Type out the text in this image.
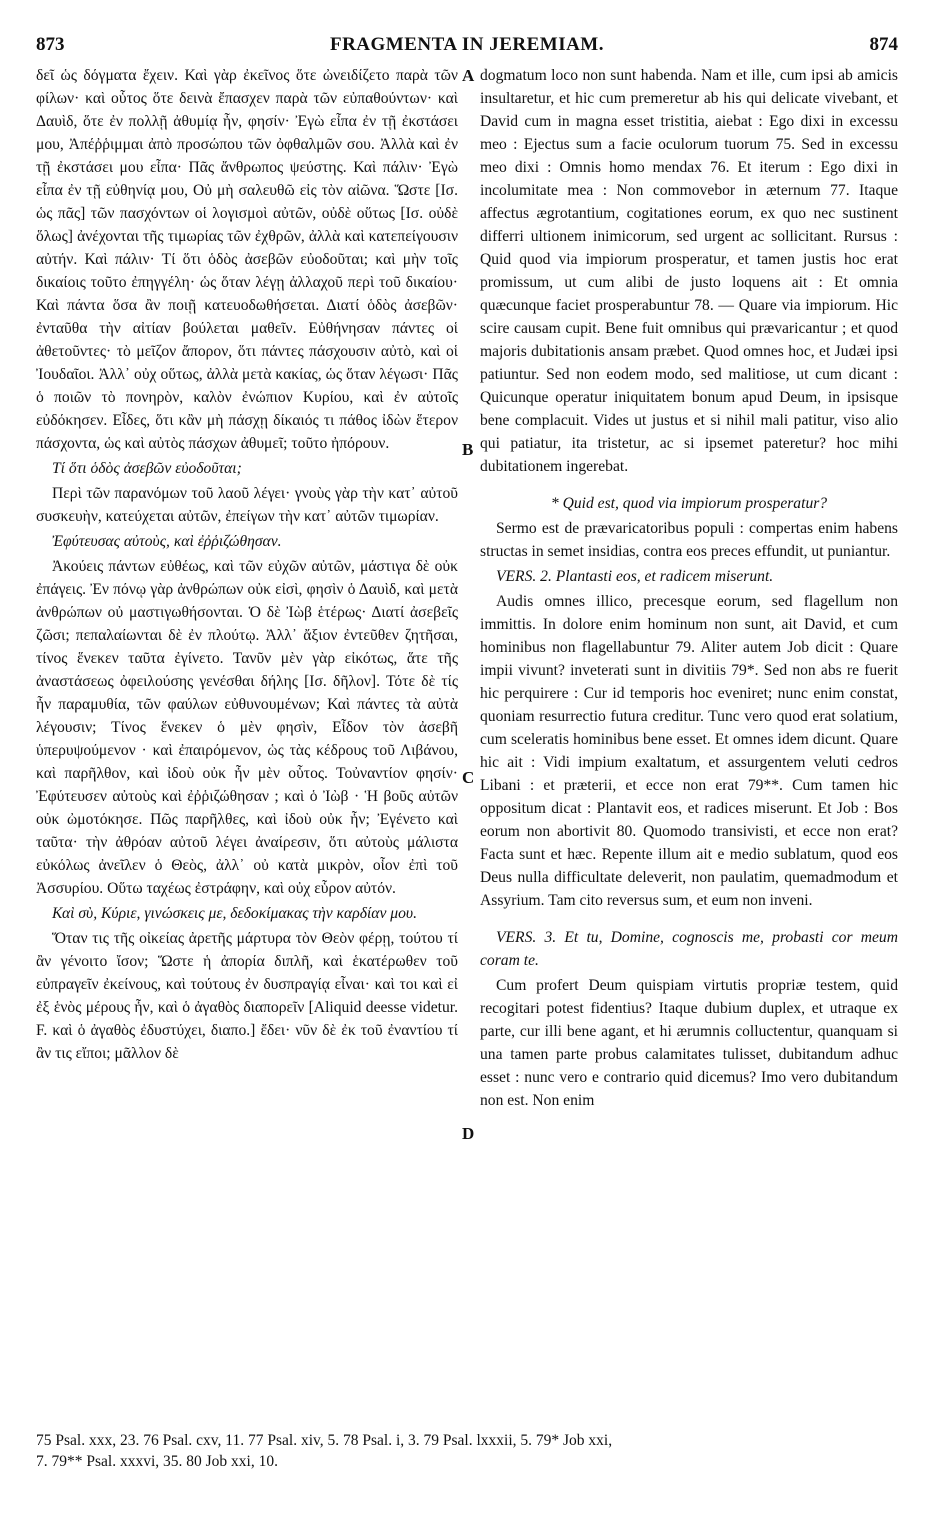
873	FRAGMENTA IN JEREMIAM.	874

δεῖ ὡς δόγματα ἔχειν. Καὶ γὰρ ἐκεῖνος ὅτε ὠνειδίζετο παρὰ τῶν φίλων· καὶ οὗτος ὅτε δεινὰ ἔπασχεν παρὰ τῶν εὐπαθούντων· καὶ Δαυὶδ, ὅτε ἐν πολλῇ ἀθυμίᾳ ἦν, φησίν· Ἐγὼ εἶπα ἐν τῇ ἐκστάσει μου, Ἀπέῤῥιμμαι ἀπὸ προσώπου τῶν ὀφθαλμῶν σου. Ἀλλὰ καὶ ἐν τῇ ἐκστάσει μου εἶπα· Πᾶς ἄνθρωπος ψεύστης. Καὶ πάλιν· Ἐγὼ εἶπα ἐν τῇ εὐθηνίᾳ μου, Οὐ μὴ σαλευθῶ εἰς τὸν αἰῶνα. Ὥστε [Ισ. ὡς πᾶς] τῶν πασχόντων οἱ λογισμοὶ αὐτῶν, οὐδὲ οὕτως [Ισ. οὐδὲ ὅλως] ἀνέχονται τῆς τιμωρίας τῶν ἐχθρῶν, ἀλλὰ καὶ κατεπείγουσιν αὐτήν. Καὶ πάλιν· Τί ὅτι ὁδὸς ἀσεβῶν εὐοδοῦται; καὶ μὴν τοῖς δικαίοις τοῦτο ἐπηγγέλη· ὡς ὅταν λέγῃ ἀλλαχοῦ περὶ τοῦ δικαίου· Καὶ πάντα ὅσα ἂν ποιῇ κατευοδωθήσεται. Διατί ὁδὸς ἀσεβῶν· ἐνταῦθα τὴν αἰτίαν βούλεται μαθεῖν. Εὐθήνησαν πάντες οἱ ἀθετοῦντες· τὸ μεῖζον ἄπορον, ὅτι πάντες πάσχουσιν αὐτὸ, καὶ οἱ Ἰουδαῖοι. Ἀλλ᾽ οὐχ οὕτως, ἀλλὰ μετὰ κακίας, ὡς ὅταν λέγωσι· Πᾶς ὁ ποιῶν τὸ πονηρὸν, καλὸν ἐνώπιον Κυρίου, καὶ ἐν αὐτοῖς εὐδόκησεν. Εἶδες, ὅτι κἂν μὴ πάσχῃ δίκαιός τι πάθος ἰδὼν ἕτερον πάσχοντα, ὡς καὶ αὐτὸς πάσχων ἀθυμεῖ; τοῦτο ἠπόρουν.

Τί ὅτι ὁδὸς ἀσεβῶν εὐοδοῦται;

Περὶ τῶν παρανόμων τοῦ λαοῦ λέγει· γνοὺς γὰρ τὴν κατ᾽ αὐτοῦ συσκευὴν, κατεύχεται αὐτῶν, ἐπείγων τὴν κατ᾽ αὐτῶν τιμωρίαν.

Ἐφύτευσας αὐτοὺς, καὶ ἐῤῥιζώθησαν.

Ἀκούεις πάντων εὐθέως, καὶ τῶν εὐχῶν αὐτῶν, μάστιγα δὲ οὐκ ἐπάγεις. Ἐν πόνῳ γὰρ ἀνθρώπων οὐκ εἰσὶ, φησὶν ὁ Δαυὶδ, καὶ μετὰ ἀνθρώπων οὐ μαστιγωθήσονται. Ὁ δὲ Ἰὼβ ἑτέρως· Διατί ἀσεβεῖς ζῶσι; πεπαλαίωνται δὲ ἐν πλούτῳ. Ἀλλ᾽ ἄξιον ἐντεῦθεν ζητῆσαι, τίνος ἕνεκεν ταῦτα ἐγίνετο. Τανῦν μὲν γὰρ εἰκότως, ἅτε τῆς ἀναστάσεως ὀφειλούσης γενέσθαι δήλης [Ισ. δῆλον]. Τότε δὲ τίς ἦν παραμυθία, τῶν φαύλων εὐθυνουμένων; Καὶ πάντες τὰ αὐτὰ λέγουσιν; Τίνος ἕνεκεν ὁ μὲν φησὶν, Εἶδον τὸν ἀσεβῆ ὑπερυψούμενον · καὶ ἐπαιρόμενον, ὡς τὰς κέδρους τοῦ Λιβάνου, καὶ παρῆλθον, καὶ ἰδοὺ οὐκ ἦν μὲν οὗτος. Τοὐναντίον φησίν· Ἐφύτευσεν αὐτοὺς καὶ ἐῤῥιζώθησαν ; καὶ ὁ Ἰὼβ · Ἡ βοῦς αὐτῶν οὐκ ὠμοτόκησε. Πῶς παρῆλθες, καὶ ἰδοὺ οὐκ ἦν; Ἐγένετο καὶ ταῦτα· τὴν ἀθρόαν αὐτοῦ λέγει ἀναίρεσιν, ὅτι αὐτοὺς μάλιστα εὐκόλως ἀνεῖλεν ὁ Θεὸς, ἀλλ᾽ οὐ κατὰ μικρὸν, οἷον ἐπὶ τοῦ Ἀσσυρίου. Οὕτω ταχέως ἐστράφην, καὶ οὐχ εὗρον αὐτόν.

Καὶ σὺ, Κύριε, γινώσκεις με, δεδοκίμακας τὴν καρδίαν μου.

Ὅταν τις τῆς οἰκείας ἀρετῆς μάρτυρα τὸν Θεὸν φέρῃ, τούτου τί ἂν γένοιτο ἴσον; Ὥστε ἡ ἀπορία διπλῆ, καὶ ἑκατέρωθεν τοῦ εὐπραγεῖν ἐκείνους, καὶ τούτους ἐν δυσπραγίᾳ εἶναι· καὶ τοι καὶ εἰ ἐξ ἑνὸς μέρους ἦν, καὶ ὁ ἀγαθὸς διαπορεῖν [Aliquid deesse videtur. F. καὶ ὁ ἀγαθὸς ἐδυστύχει, διαπο.] ἔδει· νῦν δὲ ἐκ τοῦ ἐναντίου τί ἂν τις εἴποι; μᾶλλον δὲ

A
B
C
D

dogmatum loco non sunt habenda. Nam et ille, cum ipsi ab amicis insultaretur, et hic cum premeretur ab his qui delicate vivebant, et David cum in magna esset tristitia, aiebat : Ego dixi in excessu meo : Ejectus sum a facie oculorum tuorum 75. Sed in excessu meo dixi : Omnis homo mendax 76. Et iterum : Ego dixi in incolumitate mea : Non commovebor in æternum 77. Itaque affectus ægrotantium, cogitationes eorum, ex quo nec sustinent differri ultionem inimicorum, sed urgent ac sollicitant. Rursus : Quid quod via impiorum prosperatur, et tamen justis hoc erat promissum, ut cum alibi de justo loquens ait : Et omnia quæcunque faciet prosperabuntur 78. — Quare via impiorum. Hic scire causam cupit. Bene fuit omnibus qui prævaricantur ; et quod majoris dubitationis ansam præbet. Quod omnes hoc, et Judæi ipsi patiuntur. Sed non eodem modo, sed malitiose, ut cum dicant : Quicunque operatur iniquitatem bonum apud Deum, in ipsisque bene complacuit. Vides ut justus et si nihil mali patitur, viso alio qui patiatur, ita tristetur, ac si ipsemet pateretur? hoc mihi dubitationem ingerebat.

* Quid est, quod via impiorum prosperatur?

Sermo est de prævaricatoribus populi : compertas enim habens structas in semet insidias, contra eos preces effundit, ut puniantur.

VERS. 2. Plantasti eos, et radicem miserunt.

Audis omnes illico, precesque eorum, sed flagellum non immittis. In dolore enim hominum non sunt, ait David, et cum hominibus non flagellabuntur 79. Aliter autem Job dicit : Quare impii vivunt? inveterati sunt in divitiis 79*. Sed non abs re fuerit hic perquirere : Cur id temporis hoc eveniret; nunc enim constat, quoniam resurrectio futura creditur. Tunc vero quod erat solatium, cum sceleratis hominibus bene esset. Et omnes idem dicunt. Quare hic ait : Vidi impium exaltatum, et assurgentem veluti cedros Libani : et præterii, et ecce non erat 79**. Cum tamen hic oppositum dicat : Plantavit eos, et radices miserunt. Et Job : Bos eorum non abortivit 80. Quomodo transivisti, et ecce non erat? Facta sunt et hæc. Repente illum ait e medio sublatum, quod eos Deus nulla difficultate deleverit, non paulatim, quemadmodum et Assyrium. Tam cito reversus sum, et eum non inveni.

VERS. 3. Et tu, Domine, cognoscis me, probasti cor meum coram te.

Cum profert Deum quispiam virtutis propriæ testem, quid recogitari potest fidentius? Itaque dubium duplex, et utraque ex parte, cur illi bene agant, et hi ærumnis colluctentur, quanquam si una tamen parte probus calamitates tulisset, dubitandum adhuc esset : nunc vero e contrario quid dicemus? Imo vero dubitandum non est. Non enim

75 Psal. xxx, 23. 76 Psal. cxv, 11. 77 Psal. xiv, 5. 78 Psal. i, 3. 79 Psal. lxxxii, 5. 79* Job xxi,

7. 79** Psal. xxxvi, 35. 80 Job xxi, 10.
